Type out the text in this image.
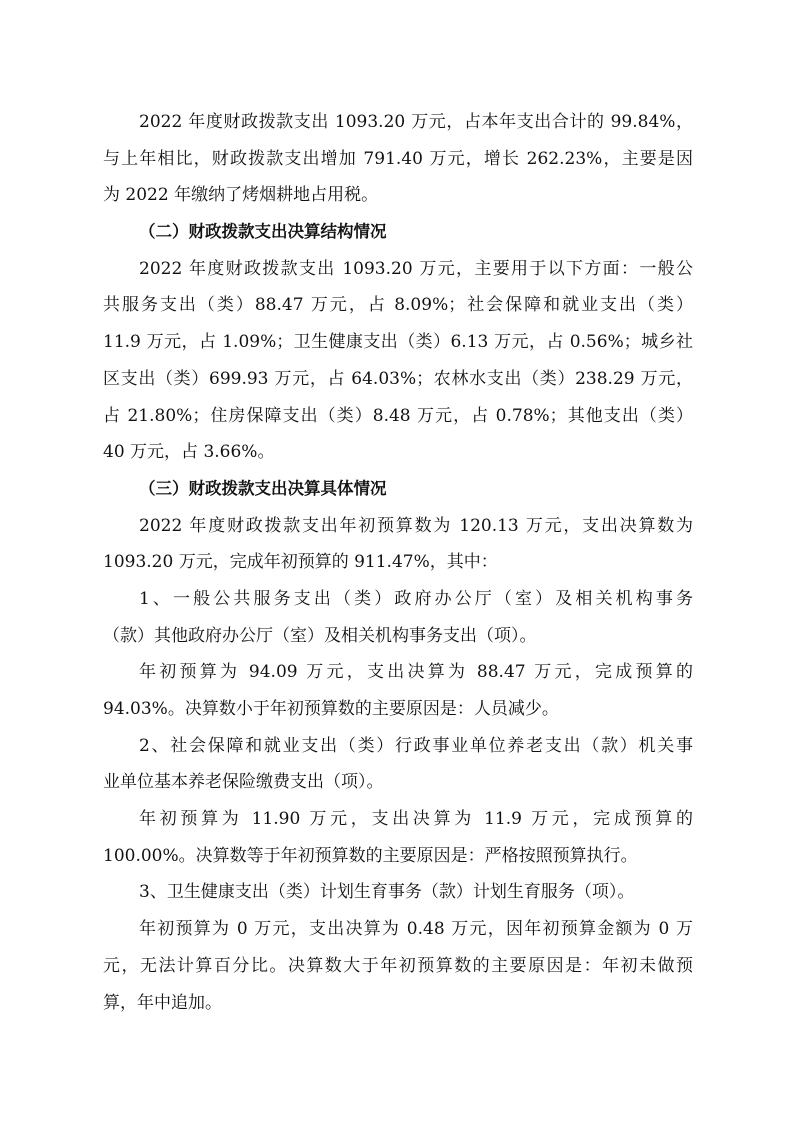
2022 年度财政拨款支出 1093.20 万元，占本年支出合计的 99.84%，
与上年相比，财政拨款支出增加 791.40 万元，增长 262.23%，主要是因
为 2022 年缴纳了烤烟耕地占用税。
（二）财政拨款支出决算结构情况
2022 年度财政拨款支出 1093.20 万元，主要用于以下方面：一般公
共服务支出（类）88.47 万元，占 8.09%；社会保障和就业支出（类）
11.9 万元，占 1.09%；卫生健康支出（类）6.13 万元，占 0.56%；城乡社
区支出（类）699.93 万元，占 64.03%；农林水支出（类）238.29 万元，
占 21.80%；住房保障支出（类）8.48 万元，占 0.78%；其他支出（类）
40 万元，占 3.66%。
（三）财政拨款支出决算具体情况
2022 年度财政拨款支出年初预算数为 120.13 万元，支出决算数为
1093.20 万元，完成年初预算的 911.47%，其中：
1、一般公共服务支出（类）政府办公厅（室）及相关机构事务
（款）其他政府办公厅（室）及相关机构事务支出（项）。
年初预算为 94.09 万元，支出决算为 88.47 万元，完成预算的
94.03%。决算数小于年初预算数的主要原因是：人员减少。
2、社会保障和就业支出（类）行政事业单位养老支出（款）机关事
业单位基本养老保险缴费支出（项）。
年初预算为 11.90 万元，支出决算为 11.9 万元，完成预算的
100.00%。决算数等于年初预算数的主要原因是：严格按照预算执行。
3、卫生健康支出（类）计划生育事务（款）计划生育服务（项）。
年初预算为 0 万元，支出决算为 0.48 万元，因年初预算金额为 0 万
元，无法计算百分比。决算数大于年初预算数的主要原因是：年初未做预
算，年中追加。
